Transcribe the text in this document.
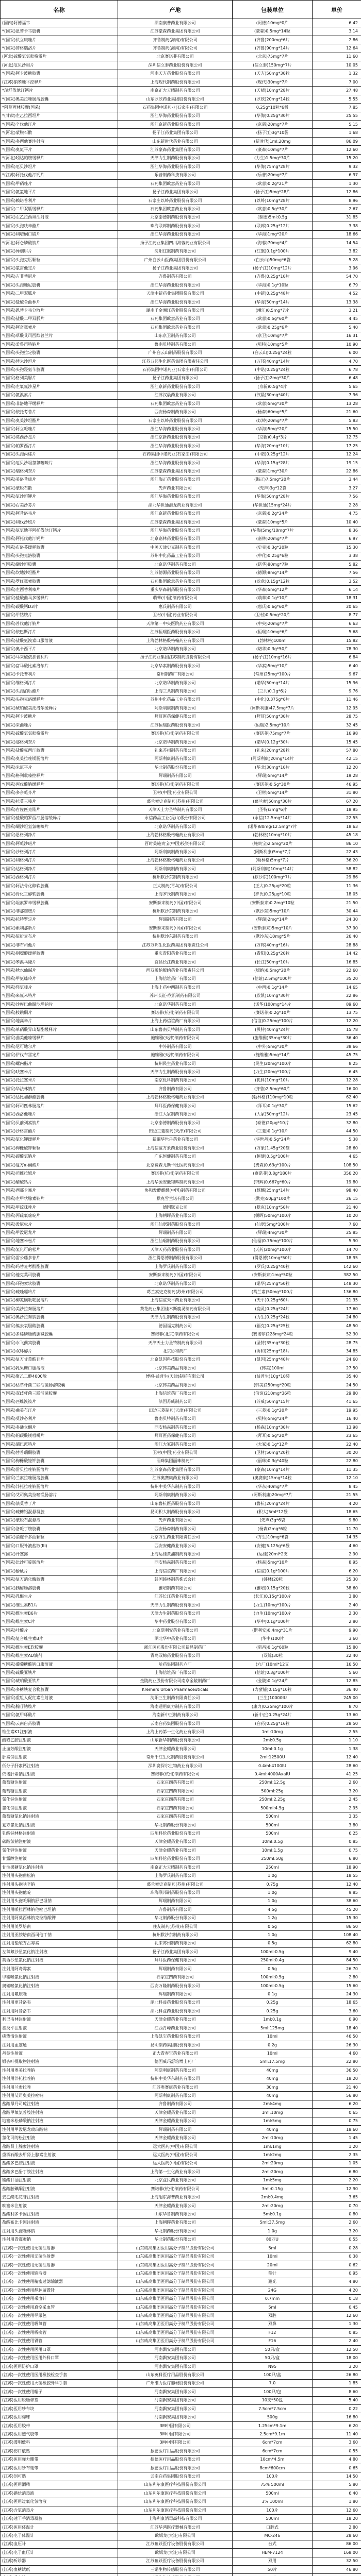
名称	产地	包装单位	单价
(国内)阿德福韦	湖南康普药业有限公司	(阿德)10mg*0片	6.42
*(国采)恩替卡韦胶囊	江苏豪森药业集团有限公司	(豪森)0.5mg*14粒	3.14
*(国采)伏立康唑片	齐鲁制药(海南)有限公司	(齐鲁)200mg*6片	2.86
*(国采)替格瑞洛片	齐鲁制药(海南)有限公司	(齐鲁)90mg*14片	12.64
(河北)硫酸氢氯吡格雷片	北京赛诺菲有限公司	(北京)75mg*7片	11.60
(河北)厄贝沙坦片	深圳信立泰药业股份有限公司	(信立泰)150mg*7片	10.05
*(国采)阿卡波糖胶囊	河南天方药业股份有限公司	(天方)50mg*30粒	1.32
(江苏)硝苯地平控释片	上海现代制药股份有限公司	(现代)30mg*7片	7.00
*瑞舒伐他汀钙片	南京正大天晴制药有限公司	(天晴)10mg*28片	27.48
*(国采)奥美拉唑肠溶胶囊	山东罗欣药业集团股份有限公司	(罗欣)20mg*14粒	5.55
*阿莫西林胶囊(国采)	石药集团中诺药业(石家庄)有限公司	0.25g*10粒*6板	7.85
*(甘肃)左乙拉西坦片	浙江华海药业股份有限公司	(华海)0.25g*30片	25.55
*(国采)辛伐他汀片	浙江京新药业股份有限公司	(京新)20mg*7片	5.15
*(河北)蒙脱石散	扬子江药业集团有限公司	(扬子江)3g*10袋	1.68
*(国采)多西他赛注射液	山东新时代药业有限公司	(新时代)1ml:20mg	86.09
*(国采)奥氮平片	江苏豪森药业集团有限公司	(豪森)10mg*7片	12.60
*(河北)吲达帕胺缓释片	天津力生制药股份有限公司	(力生)1.5mg*30片	15.20
*(国采)厄贝沙坦片	浙江华海药业股份有限公司	(华海)75mg*28片	9.32
*(江苏)阿托伐他汀钙片	乐普制药科技有限公司	(乐普)20mg*7片	6.97
*(国采)甲硝唑片	石药集团欧意药业有限公司	(欧意)0.2g*21片	1.30
*(国采)氨氯地平片	扬子江药业集团有限公司	(扬子江)5mg*28片	12.86
*(国采)赖诺普利片	石家庄以岭药业股份有限公司	(以岭)10mg*28片	8.96
*(国采)二甲双胍缓释片	石药集团欧意药业有限公司	(欧意)0.5g*30片	2.67
*(国采)左乙拉西坦注射液	北京泰德制药股份有限公司	(泰德)5ml:0.5g	31.85
*(国采)头孢呋辛酯片	珠海联邦制药股份有限公司	(联邦)0.25g*12片	3.38
*(国采)利培酮口崩片	浙江华海药业股份有限公司	(华海)1mg*20片	18.66
*(河北)阿仑膦酸钠片	扬子江药业集团四川海蓉药业有限公司	(海蓉)70mg*4片	14.54
*(国采)异烟肼片	沈阳红旗制药有限公司	(红旗)0.1g*100片	3.82
*(国采)头孢克肟颗粒	广州白云山医药集团股份有限公司	(白云山)50mg*6袋	5.28
*(国采)氯雷他定片	扬子江药业集团有限公司	(扬子江)10mg*12片	3.96
*(国采)吉非替尼片	齐鲁制药有限公司	(齐鲁)0.25g*10片	54.70
*(国采)头孢地尼胶囊	浙江华海药业股份有限公司	(华海)0.1g*10粒	6.79
*(国采)二甲双胍片	天津中新药业集团股份有限公司	(中新)0.25g*48片	4.52
*(国采)盐酸舍曲林片	浙江华海药业股份有限公司	(华海)50mg*14片	13.38
*(国采)恩替卡韦分散片	湖南千金湘江药业股份有限公司	(湘江)0.5mg*7片	3.21
*(国采)盐酸二甲双胍片	石药集团欧意药业有限公司	(欧意)0.5g*60片	4.45
*(国采)阿奇霉素片	石药集团欧意药业有限公司	(欧意)0.25g*6片	5.40
*(国采)草酸艾司西酞普兰片	山东京卫制药有限公司	(京卫)10mg*7片	16.31
*(国采)孟鲁司特钠片	鲁南贝特制药有限公司	(贝特)10mg*5片	10.90
*(国采)头孢拉定胶囊	广州白云山制药股份有限公司	(白云山)0.25g*24粒	6.00
*(国采)替米沙坦片	江苏万邦生化医药集团有限责任公司	(万邦)40mg*14片	4.70
*(国采)头孢羟氨苄胶囊	石药集团中诺药业(石家庄)有限公司	(中诺)0.25g*24粒	6.78
*(国采)格列美脲片	扬子江药业集团有限公司	(扬子江)2mg*30片	6.48
*(国采)左氧氟沙星片	浙江京新药业股份有限公司	(京新)0.5g*4片	5.65
*(国采)氨溴索片	江苏汉晨药业有限公司	(汉晨)30mg*40片	7.96
*(国采)非洛地平缓释片	石药集团欧意药业有限公司	(欧意)5mg*30片	13.28
*(国采)依托考昔片	西安杨森制药有限公司	(杨森)60mg*5片	21.60
*(国采)奥美沙坦酯片	石家庄以岭药业股份有限公司	(以岭)20mg*7片	5.83
*(国采)阿立哌唑片	浙江华海药业股份有限公司	(华海)5mg*20片	15.50
*(国采)莫西沙星片	浙江京新药业股份有限公司	(京新)0.4g*3片	12.75
*(国采)帕罗西汀片	浙江华海药业股份有限公司	(华海)20mg*10片	17.25
*(国采)头孢丙烯片	石药集团中诺药业(石家庄)有限公司	(中诺)0.25g*12片	12.24
*(国采)厄贝沙坦氢氯噻嗪片	浙江华海药业股份有限公司	(华海)0.15g*28片	19.15
*(国采)瑞格列奈片	江苏豪森药业集团有限公司	(豪森)1mg*30片	22.86
*(国采)美洛昔康片	浙江海正药业股份有限公司	(海正)7.5mg*20片	3.44
*(国采)蒙脱石散	先声药业有限公司	(先声)3g*12袋	3.27
*(国采)氯沙坦钾片	浙江华海药业股份有限公司	(华海)50mg*28片	7.56
*(国采)右美沙芬片	湖北华世通潜龙药业有限公司	(华世通)15mg*24片	2.28
*(国采)阿昔洛韦片	浙江京新药业股份有限公司	(京新)0.2g*24片	4.75
*(国采)利伐沙班片	江苏豪森药业集团有限公司	(豪森)10mg*5片	10.40
*(国采)氨氯地平阿托伐他汀钙片	浙江华海药业股份有限公司	(华海)5mg/10mg*7片	8.36
*(国采)阿托伐他汀钙片	北京嘉林药业股份有限公司	(嘉林)20mg*7片	6.97
*(国采)布洛芬缓释胶囊	中美天津史克制药有限公司	(史克)0.3g*20粒	15.30
*(国采)头孢克洛胶囊	苏州中化药品工业有限公司	(中化)0.25g*6粒	3.38
*(国采)缬沙坦胶囊	北京诺华制药有限公司	(诺华)80mg*7粒	5.82
*(国采)坎地沙坦酯片	江苏德源药业股份有限公司	(德源)8mg*14片	7.56
*(国采)罗红霉素胶囊	石药集团欧意药业有限公司	(欧意)0.15g*12粒	3.52
*(国采)左西替利嗪片	重庆华森制药股份有限公司	(华森)5mg*12片	6.14
*(国采)盐酸曲马多缓释片	萌蒂(中国)制药有限公司	(萌蒂)0.1g*10片	18.31
*(国采)碳酸钙D3片	惠氏制药有限公司	(惠氏)0.6g*60片	20.65
*(国采)甲钴胺片	卫材(中国)药业有限公司	(卫材)0.5mg*20片	8.77
*(国采)普伐他汀钠片	天津第一中央医院药业有限公司	(中央)20mg*7片	6.63
*(国采)依巴斯汀片	江苏恒瑞医药股份有限公司	(恒瑞)10mg*6片	5.68
*(国采)盐酸氨溴索口服溶液	上海勃林格殷格翰药业有限公司	(勃林格)100ml	15.82
*(国采)奥卡西平片	北京诺华制药有限公司	(诺华)0.3g*50片	78.30
*(国采)马来酸依那普利片	扬子江药业集团江苏制药股份有限公司	(扬子江)10mg*16片	6.84
*(国采)富马酸比索洛尔片	北京华素制药股份有限公司	(华素)5mg*10片	6.40
*(国采)卡托普利片	常州制药厂有限公司	(常州)25mg*100片	9.67
*(国采)维格列汀片	北京诺华制药有限公司	(诺华)50mg*14片	15.96
*(国采)头孢泊肟酯片	上海三共制药有限公司	(三共)0.1g*6片	9.76
*(国采)头孢克洛缓释片	苏州中化药品工业有限公司	(中化)0.375g*6片	11.46
*(国采)琥珀酸美托洛尔缓释片	阿斯利康制药有限公司	(阿斯利康)47.5mg*7片	12.95
*(国采)阿卡波糖片	拜耳医药保健有限公司	(拜耳)50mg*30片	28.75
*(国采)来曲唑片	江苏恒瑞医药股份有限公司	(恒瑞)2.5mg*10片	32.45
*(国采)硫酸氢氯吡格雷片	赛诺菲(杭州)制药有限公司	(赛诺菲)75mg*7片	16.98
*(国采)那格列奈片	北京诺华制药有限公司	(诺华)0.12g*30片	15.45
*(国采)盐酸氟西汀胶囊	礼来苏州制药有限公司	(礼来)20mg*28粒	57.80
*(国采)奥美拉唑镁肠溶片	阿斯利康制药有限公司	(阿斯利康)20mg*14片	42.15
*(国采)米氮平片	华北制药股份有限公司	(华北)30mg*10片	12.20
*(国采)格列吡嗪控释片	辉瑞制药有限公司	(辉瑞)5mg*14片	19.28
*(国采)丙戊酸钠缓释片	赛诺菲(杭州)制药有限公司	(赛诺菲)0.5g*30片	46.95
*(国采)多奈哌齐片	卫材(中国)药业有限公司	(卫材)5mg*14片	31.80
*(国采)拉莫三嗪片	葛兰素史克制药(苏州)有限公司	(葛兰素)50mg*30片	67.20
*(国采)右佐匹克隆片	天津天士力圣特制药有限公司	(圣特)3mg*6片	18.95
*(国采)盐酸帕罗西汀肠溶缓释片	永信药品工业(昆山)股份有限公司	(永信)12.5mg*14片	22.55
*(国采)缬沙坦氢氯噻嗪片	北京诺华制药有限公司	(诺华)80mg/12.5mg*7片	18.63
*(国采)恩格列净片	上海勃林格殷格翰药业有限公司	(勃林格)10mg*10片	45.18
*(国采)阿哌沙班片	百时美施贵宝(中国)投资有限公司	(施贵宝)2.5mg*20片	86.10
*(国采)沙格列汀片	阿斯利康制药有限公司	(阿斯利康)5mg*7片	22.43
*(国采)利格列汀片	上海勃林格殷格翰药业有限公司	(勃林格)5mg*7片	36.20
*(国采)达格列净片	阿斯利康制药有限公司	(阿斯利康)10mg*14片	58.82
*(国采)西格列汀片	杭州默沙东制药有限公司	(默沙东)100mg*7片	29.86
*(国采)阿法骨化醇软胶囊	正大制药(青岛)有限公司	(正大)0.25μg*20粒	11.36
*(国采)骨化三醇软胶囊	上海罗氏制药有限公司	(罗氏)0.25μg*10粒	18.05
*(国采)坦索罗辛缓释胶囊	安斯泰来制药(中国)有限公司	(安斯泰来)0.2mg*10粒	21.50
*(国采)非那雄胺片	杭州默沙东制药有限公司	(默沙东)5mg*10片	30.44
*(国采)托特罗定片	辉瑞制药有限公司	(辉瑞)2mg*14片	24.30
*(国采)索利那新片	安斯泰来制药(中国)有限公司	(安斯泰来)5mg*10片	37.90
*(国采)依折麦布片	杭州默沙东制药有限公司	(默沙东)10mg*5片	26.40
*(国采)非布司他片	江苏万邦生化医药集团有限责任公司	(万邦)40mg*16片	28.88
*(国采)别嘌醇缓释胶囊	重庆青阳药业有限公司	(青阳)0.25g*20粒	14.42
*(国采)苯溴马隆片	宜昌长江药业有限公司	(长江)50mg*10片	16.85
*(国采)秋水仙碱片	西双版纳版纳药业有限责任公司	(版纳)0.5mg*20片	22.60
*(国采)甲氨蝶呤片	上海信谊药厂有限公司	(信谊)2.5mg*100片	35.20
*(国采)羟氯喹片	上海上药中西制药有限公司	(中西)0.1g*14片	14.65
*(国采)来氟米特片	苏州长征-欣凯制药有限公司	(欣凯)10mg*30片	22.86
*(国采)沙库巴曲缬沙坦钠片	北京诺华制药有限公司	(诺华)100mg*14片	89.60
*(国采)胺碘酮片	赛诺菲(杭州)制药有限公司	(赛诺菲)0.2g*10片	13.75
*(国采)地高辛片	上海上药信谊药厂有限公司	(信谊)0.25mg*100片	12.20
*(国采)单硝酸异山梨酯缓释片	山东鲁南贝特制药有限公司	(贝特)40mg*24片	15.78
*(国采)曲美他嗪缓释片	施维雅(天津)制药有限公司	(施维雅)35mg*30片	36.40
*(国采)尼可地尔片	中外制药有限公司	(中外)5mg*30片	38.66
*(国采)伊伐布雷定片	施维雅(天津)制药有限公司	(施维雅)5mg*14片	45.75
*(国采)螺内酯片	杭州民生药业有限公司	(民生)20mg*100片	8.25
*(国采)呋塞米片	天津力生制药股份有限公司	(力生)20mg*100片	6.45
*(国采)托拉塞米片	南京优科制药有限公司	(优科)10mg*10片	12.28
*(国采)华法林钠片	齐鲁制药有限公司	(齐鲁)2.5mg*60片	16.00
*(国采)达比加群酯胶囊	上海勃林格殷格翰药业有限公司	(勃林格)110mg*10粒	62.40
*(国采)阿司匹林肠溶片	拜耳医药保健有限公司	(拜耳)0.1g*30片	15.62
*(国采)西洛他唑片	浙江大冢制药有限公司	(大冢)50mg*12片	23.45
*(国采)贝前列素钠片	北京泰德制药股份有限公司	(泰德)20μg*10片	32.80
*(国采)沙格雷酯片	田边三菱制药(天津)有限公司	(三菱)0.1g*10片	44.50
*(国采)氯化钾缓释片	新疆华世丹药业有限公司	(华世丹)0.5g*24片	5.38
*(国采)枸橼酸钾颗粒	上海信谊万象药业股份有限公司	(万象)1.45g*20袋	28.60
*(国采)碳酸氢钠片	广东恒健制药有限公司	(恒健)0.5g*100片	4.65
*(国采)复方α-酮酸片	北京费森尤斯卡比医药有限公司	(费森)0.63g*100片	108.50
*(国采)司维拉姆片	赛诺菲(杭州)制药有限公司	(赛诺菲)0.8g*180片	356.20
*(国采)醋酸钙片	上海华源安徽锦辉制药有限公司	(锦辉)0.667g*60片	19.80
*(国采)西那卡塞片	协和发酵麒麟(中国)制药有限公司	(麒麟)25mg*14片	98.40
*(国采)左甲状腺素钠片	默克雪兰诺有限公司	(默克)50μg*100片	26.15
*(国采)甲巯咪唑片	德国默克公司	(默克)10mg*50片	21.40
*(国采)丙硫氧嘧啶片	上海朝晖药业有限公司	(朝晖)50mg*100片	10.20
*(国采)泼尼松片	浙江仙琚制药股份有限公司	(仙琚)5mg*100片	7.60
*(国采)甲泼尼龙片	辉瑞制药有限公司	(辉瑞)4mg*30片	25.85
*(国采)地塞米松片	浙江仙琚制药股份有限公司	(仙琚)0.75mg*100片	5.90
*(国采)氢化可的松片	天津天药药业股份有限公司	(天药)20mg*100片	14.70
*(国采)雷公藤多苷片	浙江得恩德制药股份有限公司	(得恩德)10mg*50片	18.95
*(国采)吗替麦考酚酯胶囊	上海罗氏制药有限公司	(罗氏)0.25g*40粒	142.60
*(国采)他克莫司胶囊	安斯泰来制药(中国)有限公司	(安斯泰来)1mg*50粒	382.50
*(国采)环孢素软胶囊	北京诺华制药有限公司	(诺华)25mg*50粒	148.30
*(国采)硫唑嘌呤片	葛兰素史克制药(苏州)有限公司	(葛兰素)50mg*100片	136.80
*(国采)柳氮磺吡啶肠溶片	上海信谊天平药业有限公司	(天平)0.25g*60片	21.35
*(国采)美沙拉秦肠溶片	葵花药业集团佳木斯鹿灵制药有限公司	(鹿灵)0.25g*24片	17.60
*(国采)奥沙拉秦钠胶囊	天津力生制药股份有限公司	(力生)0.25g*24粒	24.80
*(国采)熊去氧胆酸胶囊	德国福克制药公司	(福克)0.25g*25粒	48.50
*(国采)多烯磷脂酰胆碱胶囊	赛诺菲(北京)制药有限公司	(赛诺菲)228mg*24粒	52.30
*(国采)水飞蓟宾胶囊	天津天士力圣特制药有限公司	(圣特)35mg*30粒	28.75
*(国采)双环醇片	北京协和药厂	(协和)25mg*18片	34.85
*(国采)复方甘草酸苷片	北京凯因科技股份有限公司	(凯因)25mg*40片	24.60
*(国采)乳果糖口服溶液	北京韩美药品有限公司	(韩美)100ml	27.50
*(国采)聚乙二醇4000散	博福-益普生(天津)制药有限公司	(益普生)10g*10袋	35.40
*(国采)枯草杆菌二联活菌肠溶胶囊	北京韩美药品有限公司	(韩美)250mg*20粒	24.50
*(国采)双歧杆菌三联活菌胶囊	上海信谊药厂有限公司	(信谊)210mg*36粒	29.80
*(国采)匹维溴铵片	法国苏威制药公司	(苏威)50mg*15片	41.65
*(国采)曲美布汀片	田边三菱制药(天津)有限公司	(三菱)0.1g*20片	19.95
*(国采)莫沙必利片	鲁南贝特制药有限公司	(贝特)5mg*24片	16.40
*(国采)多潘立酮片	西安杨森制药有限公司	(杨森)10mg*30片	13.98
*(国采)铝碳酸镁咀嚼片	拜耳医药保健有限公司	(拜耳)0.5g*20片	23.65
*(国采)瑞巴派特片	浙江大冢制药有限公司	(大冢)0.1g*12片	22.40
*(国采)替普瑞酮胶囊	卫材(中国)药业有限公司	(卫材)50mg*20粒	30.20
*(国采)枸橼酸铋钾胶囊	丽珠集团丽珠制药厂	(丽珠)0.3g*40粒	22.80
*(国采)雷贝拉唑钠肠溶片	江苏豪森药业集团有限公司	(豪森)10mg*14片	11.35
*(国采)兰索拉唑肠溶胶囊	江苏奥赛康药业有限公司	(奥赛康)15mg*14粒	12.10
*(国采)泮托拉唑钠肠溶片	杭州中美华东制药有限公司	(华东)40mg*7片	8.45
*(国采)艾司奥美拉唑镁肠溶片	阿斯利康制药有限公司	(阿斯利康)20mg*7片	21.55
*(国采)法莫替丁片	山东鲁抗医药股份有限公司	(鲁抗)20mg*24片	4.20
*(国采)硫糖铝混悬凝胶	昆明积大制药股份有限公司	(积大)5ml*12袋	18.65
*(国采)蒙脱石混悬液	先声药业有限公司	(先声)3g*6袋	9.80
*(国采)洛哌丁胺胶囊	西安杨森制药有限公司	(杨森)2mg*6粒	11.70
*(国采)消旋卡多曲颗粒	北京万生药业有限责任公司	(万生)10mg*6袋	14.35
*(国采)口服补液盐散(III)	西安安健药业有限公司	(安健)5.125g*6袋	4.60
*(国采)开塞露	上海运佳黄浦制药有限公司	(运佳)20ml*2支	2.90
*(国采)比沙可啶肠溶片	西安杨森制药有限公司	(杨森)5mg*10片	8.95
*(国采)酚酞片	上海信谊药厂有限公司	(信谊)0.1g*100片	6.20
*(国采)复方消化酶胶囊	韩国韩林制药株式会社	(韩林)20粒	25.30
*(国采)胰酶肠溶胶囊	雅培制药有限公司	(雅培)0.15g*20粒	38.60
*(国采)乳酶生片	江苏长江药业有限公司	(长江)0.15g*100片	3.80
*(国采)维生素B1片	天津力生制药股份有限公司	(力生)10mg*100片	2.40
*(国采)维生素B6片	天津力生制药股份有限公司	(力生)10mg*100片	2.30
*(国采)维生素C片	华中药业股份有限公司	(华中)0.1g*100片	2.80
*(国采)叶酸片	北京斯利安药业有限公司	(斯利安)0.4mg*31片	9.90
*(国采)复合维生素B片	湖北华中药业有限公司	(华中)100片	3.60
*(国采)维生素E软胶囊	浙江医药股份有限公司新昌制药厂	(新昌)0.1g*60粒	15.80
*(国采)维生素AD滴剂	青岛双鲸药业股份有限公司	(双鲸)30粒	22.40
*(国采)葡萄糖酸钙口服溶液	哈药集团制药六厂	(六厂)10ml*12支	16.50
*(国采)硫酸亚铁片	上海信谊药厂有限公司	(信谊)0.3g*100片	5.60
*(国采)琥珀酸亚铁片	金陵药业股份有限公司南京金陵制药厂	(金陵)0.1g*24片	12.85
*(国采)多糖铁复合物胶囊	Kremers Urban Pharmaceuticals	(力蜚能)0.15g*10粒	36.40
*(国采)重组人促红素注射液	沈阳三生制药有限责任公司	(三生)10000IU	245.00
*(国采)腺苷钴胺片	海南通用康力制药有限公司	(康力)0.25mg*100片	8.70
*(国采)氨甲环酸片	海南新中正制药有限公司	(新中正)0.25g*24片	13.60
*(国采)云南白药胶囊	云南白药集团股份有限公司	(白药)0.25g*16粒	28.50
维生素K1注射液	上海上药第一生化药业有限公司	1ml:10mg	2.55
酚磺乙胺注射液	山东新华制药股份有限公司	2ml:0.5g	1.10
止血芳酸注射液	天津金耀药业有限公司	10ml:0.1g	1.38
肝素钠注射液	常州千红生化制药股份有限公司	2ml:12500U	12.40
低分子肝素钙注射液	深圳赛保尔生物药业有限公司	0.4ml:4100IU	28.60
依诺肝素钠注射液	赛诺菲(杭州)制药有限公司	0.4ml:4000AxaIU	41.25
葡萄糖注射液	石家庄四药有限公司	250ml:12.5g	2.60
葡萄糖注射液	石家庄四药有限公司	500ml:25g	3.20
氯化钠注射液	石家庄四药有限公司	250ml:2.25g	2.45
氯化钠注射液	石家庄四药有限公司	500ml:4.5g	2.95
葡萄糖氯化钠注射液	石家庄四药有限公司	500ml	3.35
复方氯化钠注射液	华北制药股份有限公司	500ml	3.80
乳酸钠林格注射液	四川科伦药业股份有限公司	500ml	6.25
碳酸氢钠注射液	天津金耀药业有限公司	10ml:0.5g	0.85
氯化钾注射液	天津金耀药业有限公司	10ml:1.5g	0.75
甘露醇注射液	四川科伦药业股份有限公司	250ml:50g	6.80
甘油果糖氯化钠注射液	南京正大天晴制药有限公司	250ml	18.90
注射用头孢曲松钠	上海罗氏制药有限公司	1.0g	18.55
注射用头孢呋辛钠	葛兰素史克制药(苏州)有限公司	0.75g	12.40
注射用头孢他啶	珠海联邦制药股份有限公司	1.0g	9.85
注射用头孢哌酮钠舒巴坦钠	辉瑞制药有限公司	1.0g	38.60
注射用哌拉西林钠他唑巴坦钠	齐鲁制药有限公司	4.5g	45.20
注射用阿莫西林钠克拉维酸钾	华北制药股份有限公司	1.2g	15.30
注射用美罗培南	住友制药(苏州)有限公司	0.5g	86.50
注射用亚胺培南西司他丁钠	杭州默沙东制药有限公司	1.0g	108.40
注射用盐酸万古霉素	礼来苏州制药有限公司	0.5g	62.80
左氧氟沙星氯化钠注射液	扬子江药业集团有限公司	100ml:0.5g	9.40
莫西沙星氯化钠注射液	拜耳医药保健有限公司	250ml:0.4g	84.50
注射用阿奇霉素	辉瑞制药有限公司	0.5g	26.70
甲硝唑氯化钠注射液	石家庄四药有限公司	100ml:0.5g	2.80
奥硝唑氯化钠注射液	西安万隆制药股份有限公司	100ml:0.5g	15.60
注射用氟康唑	辉瑞制药有限公司	0.1g	24.30
注射用更昔洛韦	湖北科益药业股份有限公司	0.25g	18.65
注射用阿昔洛韦	湖北科益药业股份有限公司	0.25g	3.60
利巴韦林注射液	天津金耀药业有限公司	1ml:0.1g	0.90
喜炎平注射液	江西青峰药业有限公司	5ml:125mg	18.40
痰热清注射液	上海凯宝药业股份有限公司	10ml	46.50
注射用血塞通	昆明制药集团股份有限公司	0.2g	26.30
丹参注射液	正大青春宝药业有限公司	10ml	4.60
银杏叶提取物注射液	德国威玛舒培博士药厂	5ml:17.5mg	22.80
注射用奥美拉唑钠	阿斯利康制药有限公司	40mg	36.50
注射用泮托拉唑钠	杭州中美华东制药有限公司	40mg	18.20
注射用兰索拉唑	江苏奥赛康药业有限公司	30mg	21.40
注射用艾司奥美拉唑钠	阿斯利康制药有限公司	40mg	56.80
盐酸昂丹司琼注射液	齐鲁制药有限公司	2ml:4mg	6.20
盐酸甲氧氯普胺注射液	天津金耀药业有限公司	1ml:10mg	0.65
地塞米松磷酸钠注射液	天津金耀药业有限公司	1ml:5mg	0.75
注射用甲泼尼龙琥珀酸钠	辉瑞制药有限公司	40mg	18.60
氢化可的松注射液	天津金耀药业有限公司	2ml:10mg	1.45
盐酸肾上腺素注射液	远大医药(中国)有限公司	1ml:1mg	1.20
重酒石酸去甲肾上腺素注射液	远大医药(中国)有限公司	1ml:2mg	2.35
盐酸多巴胺注射液	远大医药(中国)有限公司	2ml:20mg	1.05
盐酸多巴酚丁胺注射液	上海第一生化药业有限公司	2ml:20mg	6.80
硝酸甘油注射液	北京益民药业有限公司	1ml:5mg	2.20
盐酸胺碘酮注射液	赛诺菲(杭州)制药有限公司	3ml:0.15g	12.90
去乙酰毛花苷注射液	上海旭东海普药业有限公司	2ml:0.4mg	3.65
呋塞米注射液	天津金耀药业有限公司	2ml:20mg	0.70
盐酸利多卡因注射液	山东华鲁制药有限公司	5ml:0.1g	0.80
盐酸布比卡因注射液	上海朝晖药业有限公司	5ml:37.5mg	2.60
注射用头孢唑林钠	华北制药股份有限公司	1.0g	3.20
注射用青霉素钠	华北制药股份有限公司	80万U	0.55
(江苏)一次性使用无菌注射器	山东威高集团医用高分子制品股份有限公司	5ml	0.28
(江苏)一次性使用无菌注射器	山东威高集团医用高分子制品股份有限公司	10ml	0.38
(江苏)一次性使用无菌注射器	山东威高集团医用高分子制品股份有限公司	20ml	0.62
(江苏)一次性使用输液器	山东威高集团医用高分子制品股份有限公司	带针	0.95
(江苏)一次性使用精密过滤输液器	山东威高集团医用高分子制品股份有限公司	避光	4.80
(江苏)一次性使用静脉留置针	山东威高集团医用高分子制品股份有限公司	24G	4.20
(江苏)一次性使用采血针	山东威高集团医用高分子制品股份有限公司	0.7mm	0.18
(江苏)一次性使用真空采血管	山东威高集团医用高分子制品股份有限公司	5ml	0.45
(江苏)一次性使用导尿包	山东威高集团医用高分子制品股份有限公司	双腔	12.60
(江苏)一次性使用吸氧管	山东威高集团医用高分子制品股份有限公司	双鼻	1.30
(江苏)一次性使用吸痰管	山东威高集团医用高分子制品股份有限公司	F12	0.85
(江苏)一次性使用胃管	山东威高集团医用高分子制品股份有限公司	F16	2.40
(江苏)一次性使用医用口罩	河南飘安集团有限公司	50只/盒	12.50
(江苏)一次性使用医用外科口罩	河南飘安集团有限公司	50只/盒	18.00
(江苏)医用防护口罩	河南飘安集团有限公司	N95	3.20
(江苏)一次性使用医用橡胶检查手套	山东英科医疗用品股份有限公司	100只/盒	26.80
(江苏)一次性使用灭菌橡胶外科手套	广州维力医疗器械股份有限公司	7.0	1.85
(江苏)一次性使用帽子	河南飘安集团有限公司	100只/包	8.60
(江苏)医用脱脂棉签	河南飘安集团有限公司	10支*50包	5.40
(江苏)医用纱布块	河南飘安集团有限公司	7.5cm*7.5cm	0.22
(江苏)医用棉球	河南飘安集团有限公司	500g	16.80
(江苏)医用胶带	3M中国有限公司	1.25cm*9.1m	6.20
(江苏)医用透气胶带	3M中国有限公司	2.5cm*9.1m	11.40
(江苏)透明敷料	3M中国有限公司	6cm*7cm	3.60
(江苏)伤口敷贴	振德医疗用品股份有限公司	6cm*7cm	0.55
(江苏)医用弹力绷带	振德医疗用品股份有限公司	10cm*4.5m	4.80
(江苏)医用纱布绷带	振德医疗用品股份有限公司	8cm*600cm	0.65
(江苏)创可贴	云南白药集团股份有限公司	100片	14.50
(江苏)医用酒精	山东利尔康医疗科技股份有限公司	75% 500ml	5.80
(江苏)碘伏消毒液	山东利尔康医疗科技股份有限公司	500ml	6.40
(江苏)医用过氧化氢溶液	山东利尔康医疗科技股份有限公司	3% 100ml	1.80
(江苏)含氯消毒片	山东利尔康医疗科技股份有限公司	100片	12.60
(江苏)速干手消毒凝胶	上海利康消毒高科技有限公司	500ml	18.20
(江苏)医用体温计	江苏华鸿医疗器械有限公司	口腔式	2.80
(江苏)电子体温计	欧姆龙(大连)有限公司	MC-246	28.60
(江苏)血压计	江苏鱼跃医疗设备股份有限公司	台式	86.00
(江苏)电子血压计	欧姆龙(大连)有限公司	HEM-7124	168.00
(江苏)听诊器	江苏鱼跃医疗设备股份有限公司	双用	32.50
(江苏)血糖试纸	三诺生物传感股份有限公司	50片	46.80
